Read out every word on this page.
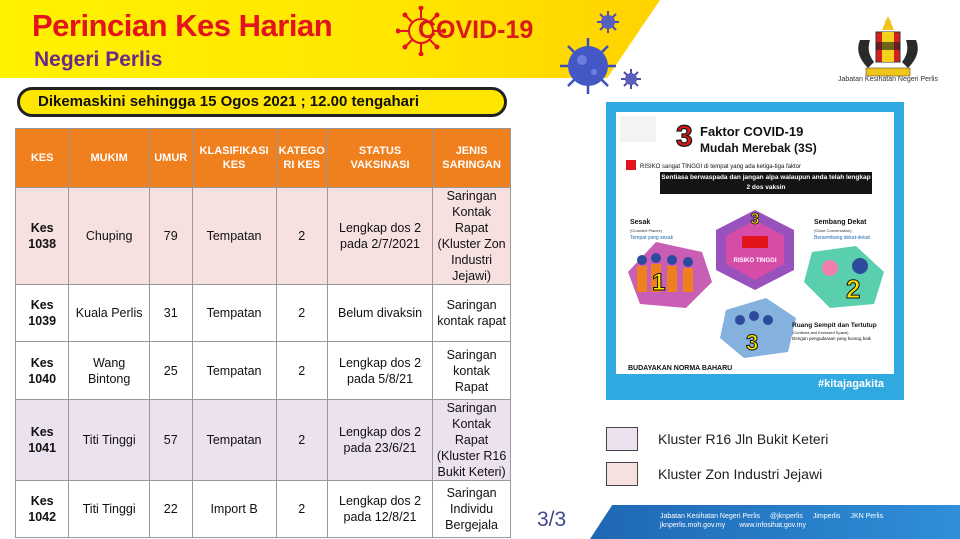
Perincian Kes Harian	COVID-19
Negeri Perlis
Jabatan Kesihatan Negeri Perlis
Dikemaskini sehingga 15 Ogos 2021 ; 12.00 tengahari
KES	MUKIM	UMUR	KLASIFIKASI KES	KATEGO RI KES	STATUS VAKSINASI	JENIS SARINGAN
Kes 1038	Chuping	79	Tempatan	2	Lengkap dos 2 pada 2/7/2021	Saringan Kontak Rapat (Kluster Zon Industri Jejawi)
Kes 1039	Kuala Perlis	31	Tempatan	2	Belum divaksin	Saringan kontak rapat
Kes 1040	Wang Bintong	25	Tempatan	2	Lengkap dos 2 pada 5/8/21	Saringan kontak Rapat
Kes 1041	Titi Tinggi	57	Tempatan	2	Lengkap dos 2 pada 23/6/21	Saringan Kontak Rapat (Kluster R16 Bukit Keteri)
Kes 1042	Titi Tinggi	22	Import B	2	Lengkap dos 2 pada 12/8/21	Saringan Individu Bergejala 3/3
3 Faktor COVID-19
Mudah Merebak (3S)
RISIKO sangat TINGGI di tempat yang ada ketiga-tiga faktor
Sentiasa berwaspada dan jangan alpa walaupun anda telah lengkap 2 dos vaksin
RISIKO TINGGI
3
Sesak
(Crowded Places)
Tempat yang sesak
1
Sembang Dekat
(Close Conversation)
Bersembang dekat-dekat
2
3
Ruang Sempit dan Tertutup
(Confined and Enclosed Space)
Dengan pengudaraan yang kurang baik
BUDAYAKAN NORMA BAHARU
#kitajagakita
Kluster R16 Jln Bukit Keteri
Kluster Zon Industri Jejawi
Jabatan Kesihatan Negeri Perlis @jknperlis Jimperlis JKN Perlis
jknperlis.moh.gov.my www.infosihat.gov.my
